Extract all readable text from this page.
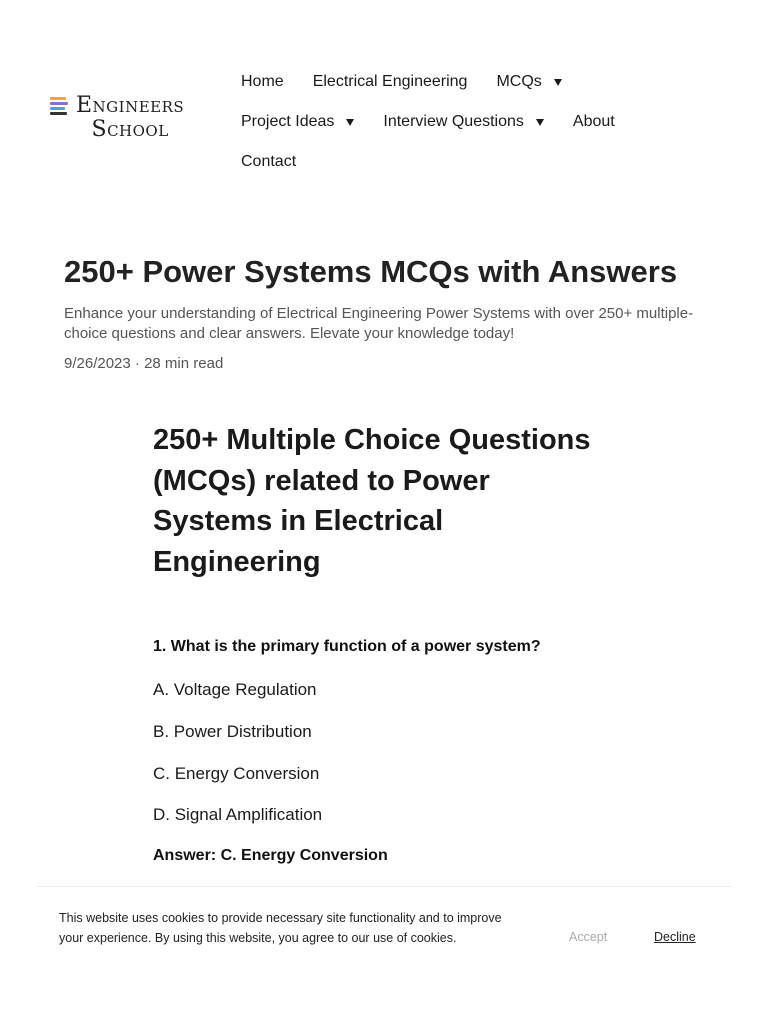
Engineers
School
Home Electrical Engineering MCQs
Project Ideas	Interview Questions	About
Contact
250+ Power Systems MCQs with Answers

Enhance your understanding of Electrical Engineering Power Systems with over 250+ multiple-choice questions and clear answers. Elevate your knowledge today!

9/26/2023 · 28 min read
250+ Multiple Choice Questions (MCQs) related to Power Systems in Electrical Engineering

1. What is the primary function of a power system?

A. Voltage Regulation

B. Power Distribution

C. Energy Conversion

D. Signal Amplification

Answer: C. Energy Conversion

This website uses cookies to provide necessary site functionality and to improve your experience. By using this website, you agree to our use of cookies.	Accept	Decline
